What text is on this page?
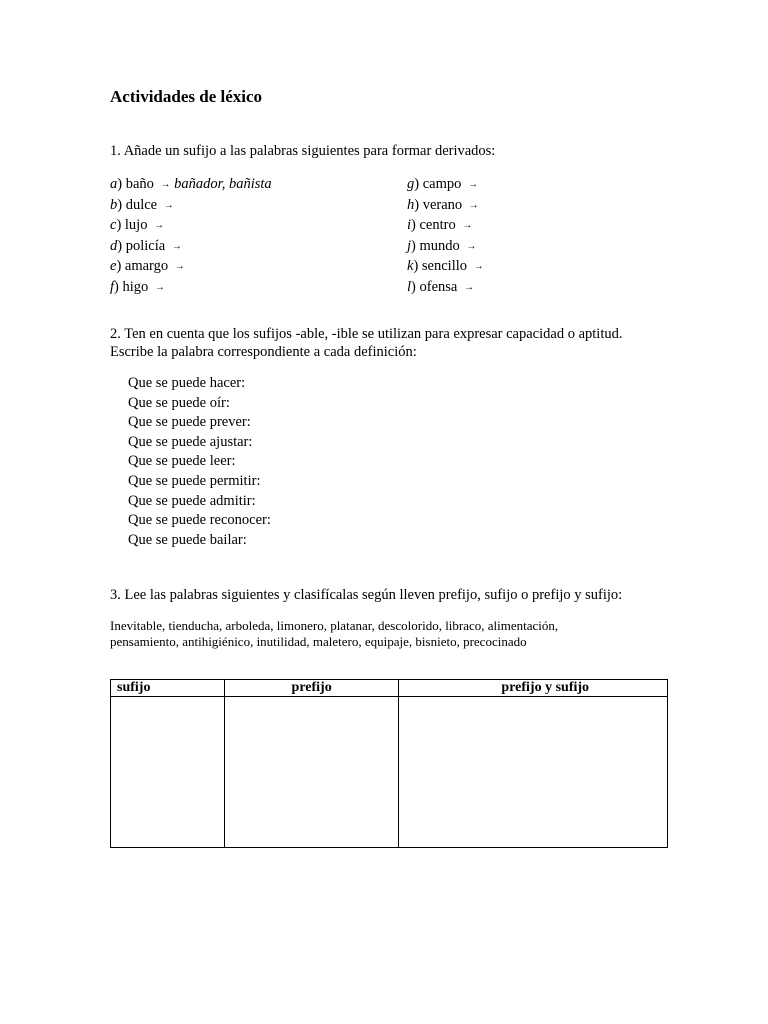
Actividades de léxico
1. Añade un sufijo a las palabras siguientes para formar derivados:
a) baño → bañador, bañista
b) dulce →
c) lujo →
d) policía →
e) amargo →
f) higo →
g) campo →
h) verano →
i) centro →
j) mundo →
k) sencillo →
l) ofensa →
2. Ten en cuenta que los sufijos -able, -ible se utilizan para expresar capacidad o aptitud.
Escribe la palabra correspondiente a cada definición:
Que se puede hacer:
Que se puede oír:
Que se puede prever:
Que se puede ajustar:
Que se puede leer:
Que se puede permitir:
Que se puede admitir:
Que se puede reconocer:
Que se puede bailar:
3. Lee las palabras siguientes y clasifícalas según lleven prefijo, sufijo o prefijo y sufijo:
Inevitable, tienducha, arboleda, limonero, platanar, descolorido, libraco, alimentación,
pensamiento, antihigiénico, inutilidad, maletero, equipaje, bisnieto, precocinado
sufijo	prefijo	prefijo y sufijo
